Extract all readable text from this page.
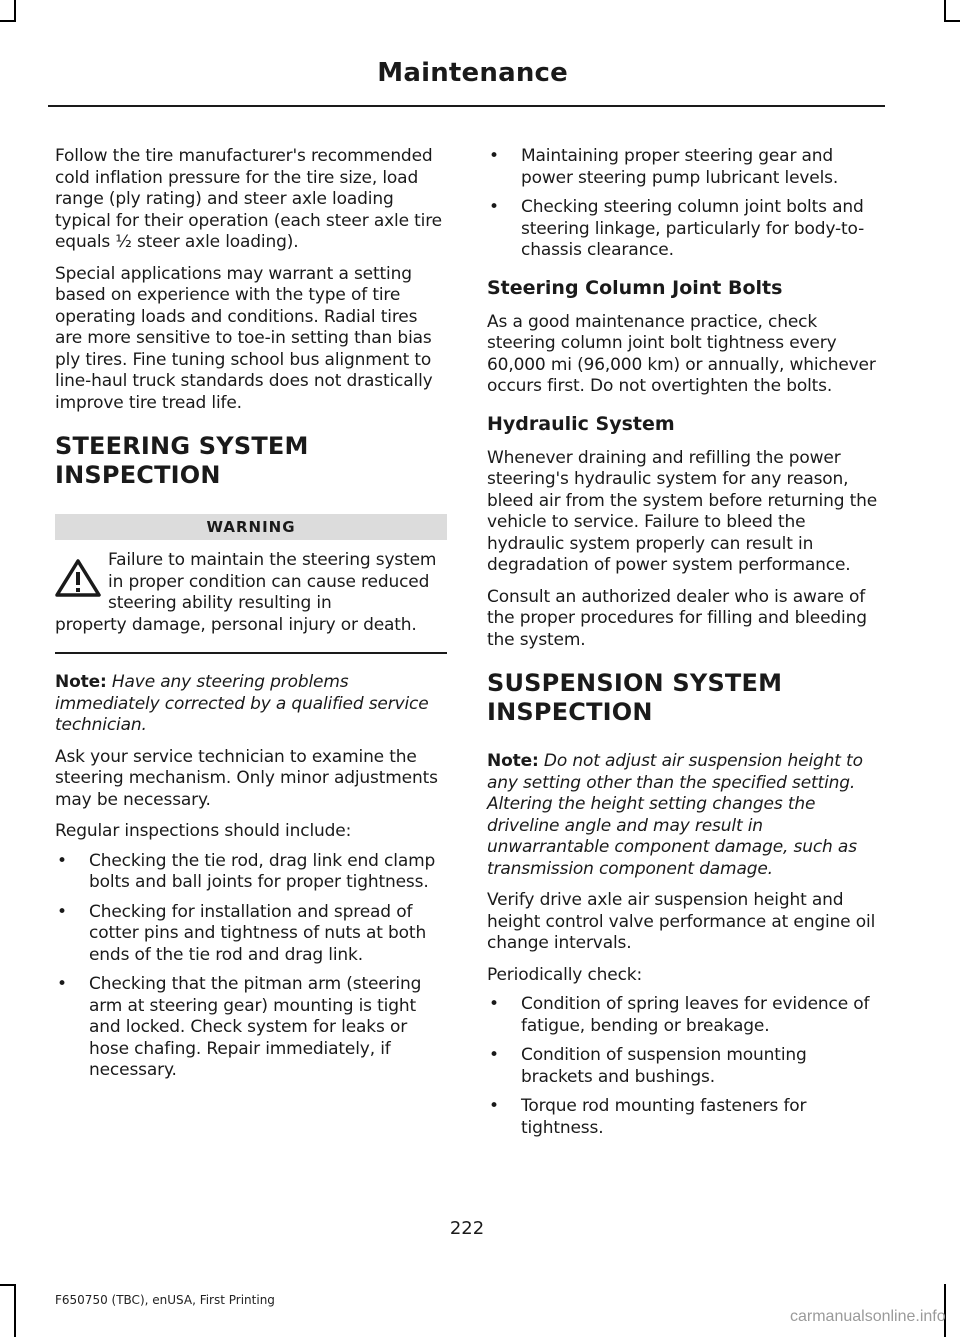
Maintenance

Follow the tire manufacturer's recommended cold inflation pressure for the tire size, load range (ply rating) and steer axle loading typical for their operation (each steer axle tire equals ½ steer axle loading).

Special applications may warrant a setting based on experience with the type of tire operating loads and conditions. Radial tires are more sensitive to toe-in setting than bias ply tires. Fine tuning school bus alignment to line-haul truck standards does not drastically improve tire tread life.

STEERING SYSTEM
INSPECTION
WARNING

Failure to maintain the steering system in proper condition can cause reduced steering ability resulting in
property damage, personal injury or death.

Note: Have any steering problems immediately corrected by a qualified service technician.

Ask your service technician to examine the steering mechanism. Only minor adjustments may be necessary.

Regular inspections should include:

• Checking the tie rod, drag link end clamp bolts and ball joints for proper tightness.
• Checking for installation and spread of cotter pins and tightness of nuts at both ends of the tie rod and drag link.
• Checking that the pitman arm (steering arm at steering gear) mounting is tight and locked. Check system for leaks or hose chafing. Repair immediately, if necessary.
• Maintaining proper steering gear and power steering pump lubricant levels.
• Checking steering column joint bolts and steering linkage, particularly for body-to-chassis clearance.
Steering Column Joint Bolts

As a good maintenance practice, check steering column joint bolt tightness every 60,000 mi (96,000 km) or annually, whichever occurs first. Do not overtighten the bolts.

Hydraulic System

Whenever draining and refilling the power steering's hydraulic system for any reason, bleed air from the system before returning the vehicle to service. Failure to bleed the hydraulic system properly can result in degradation of power system performance.

Consult an authorized dealer who is aware of the proper procedures for filling and bleeding the system.

SUSPENSION SYSTEM
INSPECTION

Note: Do not adjust air suspension height to any setting other than the specified setting. Altering the height setting changes the driveline angle and may result in unwarrantable component damage, such as transmission component damage.

Verify drive axle air suspension height and height control valve performance at engine oil change intervals.

Periodically check:

• Condition of spring leaves for evidence of fatigue, bending or breakage.
• Condition of suspension mounting brackets and bushings.
• Torque rod mounting fasteners for tightness.
222
F650750 (TBC), enUSA, First Printing
carmanualsonline.info
